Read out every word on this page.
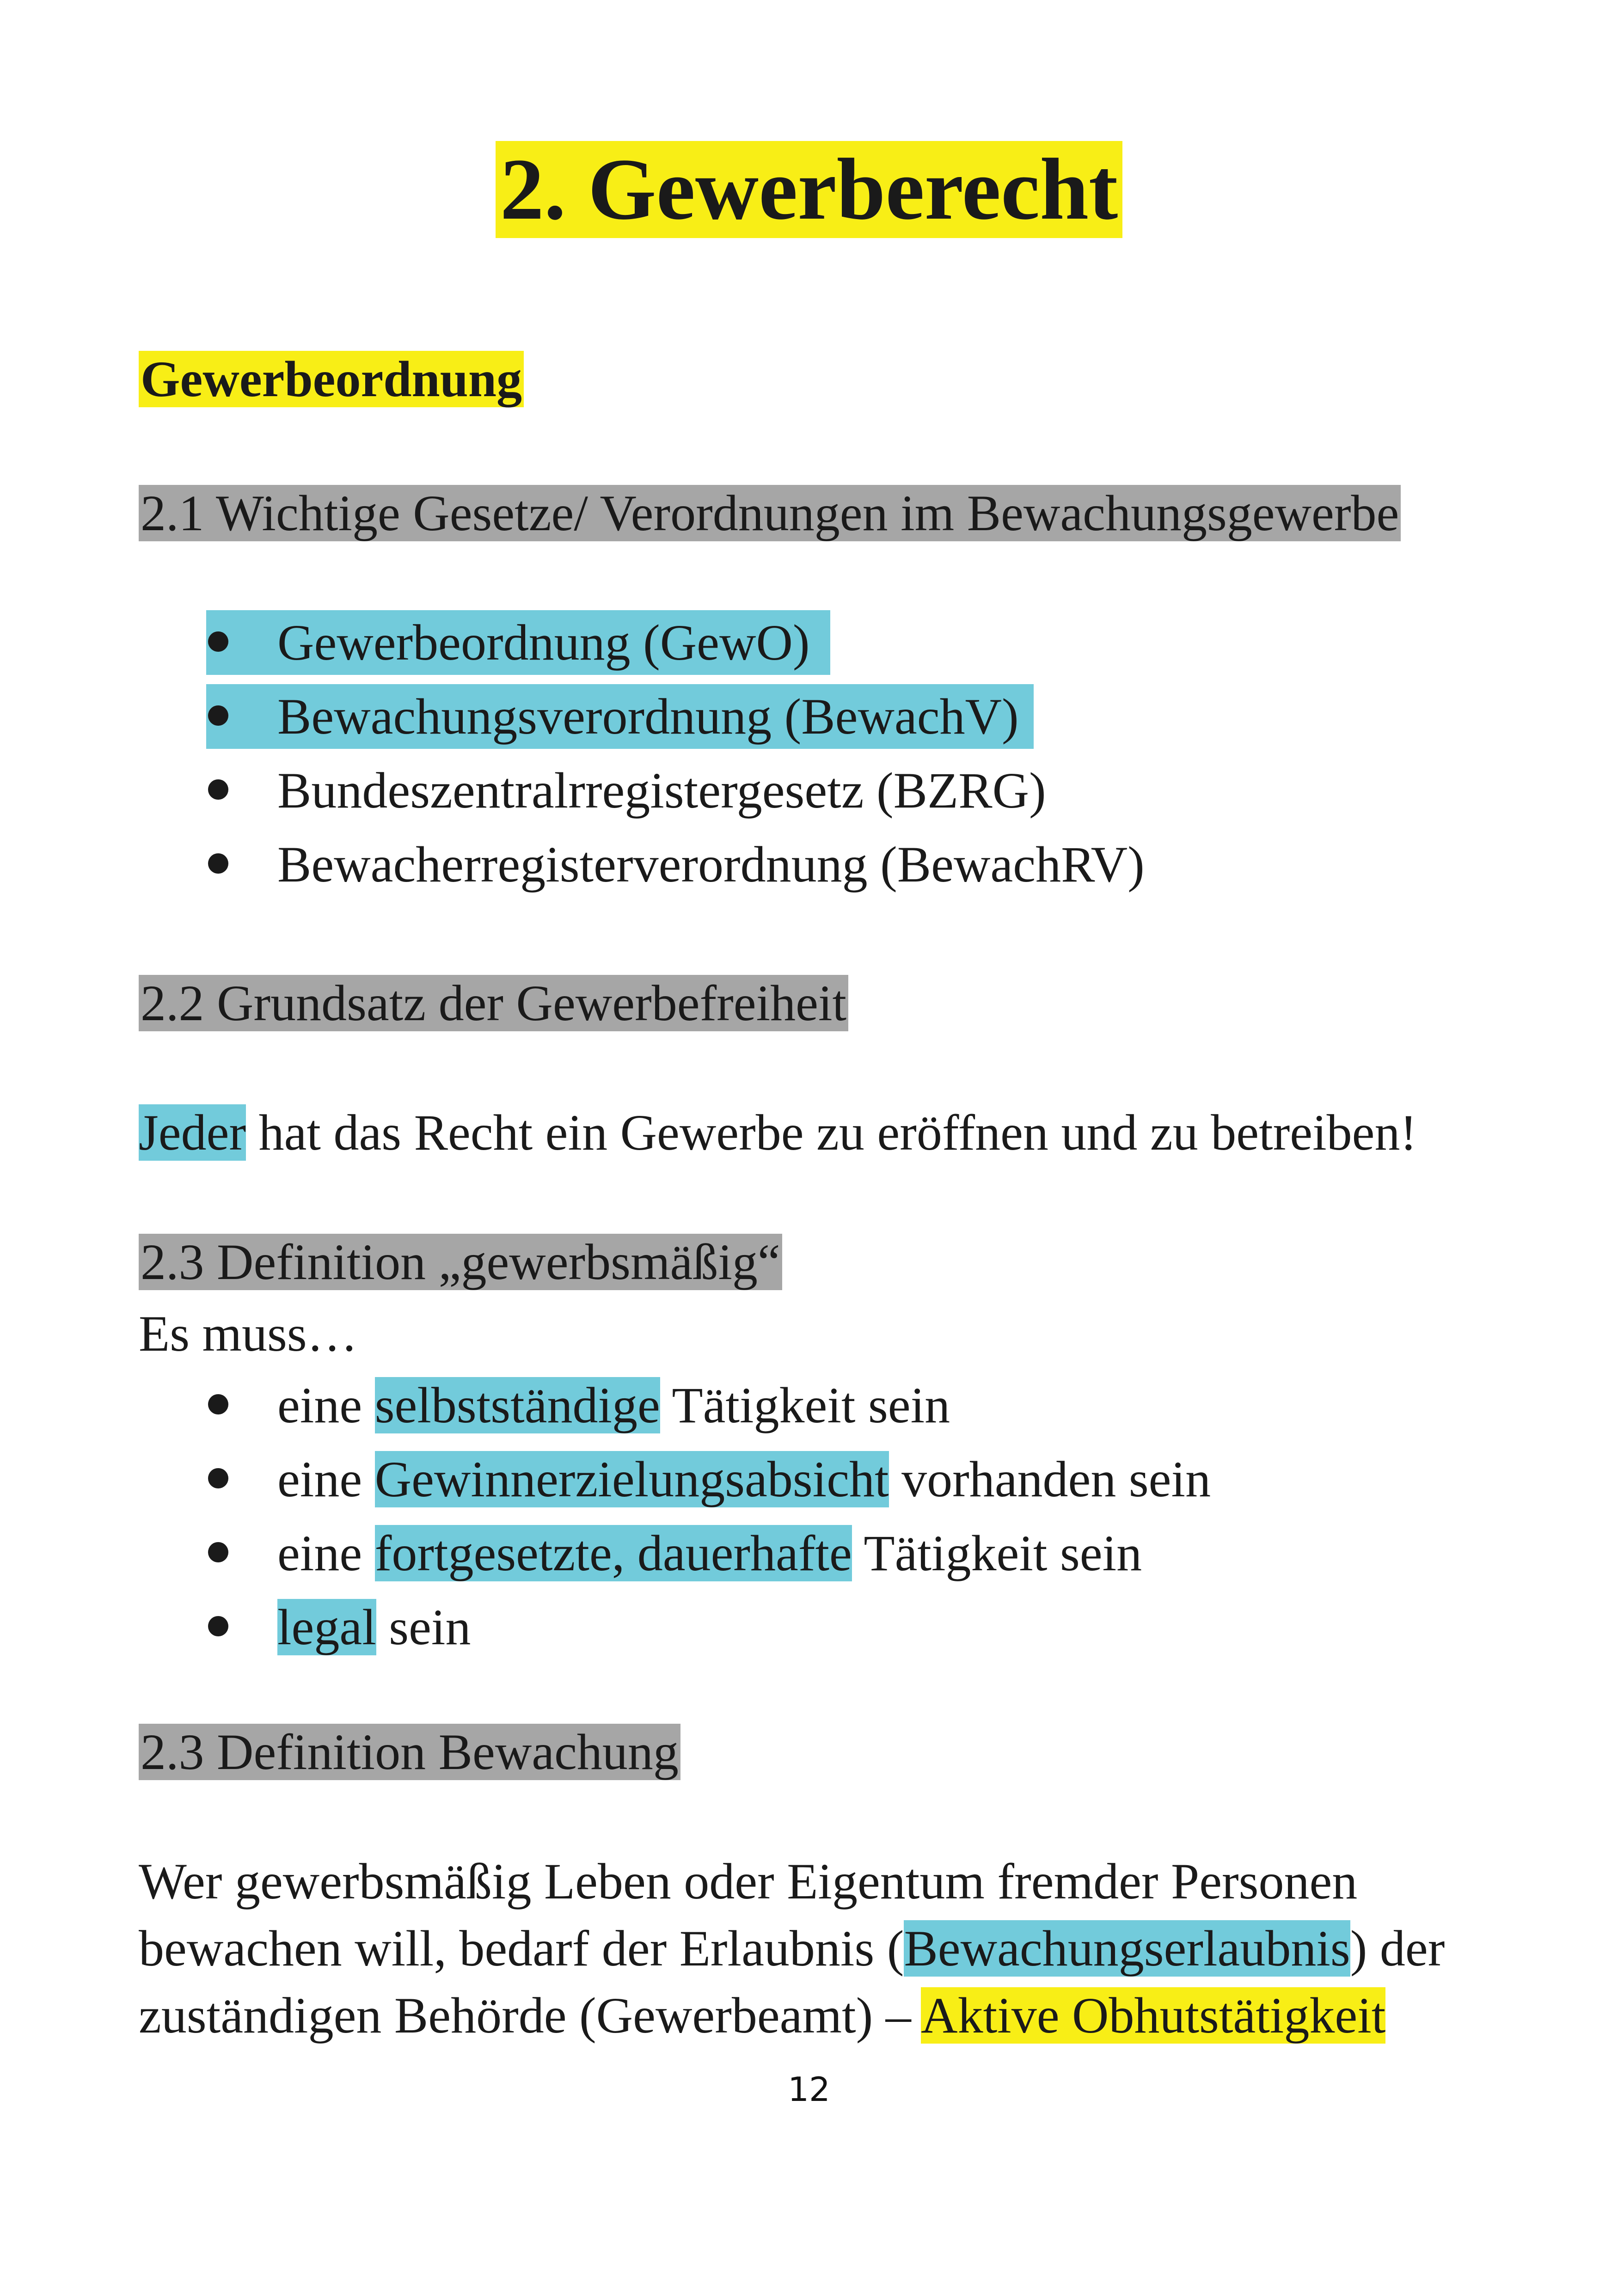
2. Gewerberecht
Gewerbeordnung
2.1 Wichtige Gesetze/ Verordnungen im Bewachungsgewerbe
Gewerbeordnung (GewO)
Bewachungsverordnung (BewachV)
Bundeszentralrregistergesetz (BZRG)
Bewacherregisterverordnung (BewachRV)
2.2 Grundsatz der Gewerbefreiheit
Jeder hat das Recht ein Gewerbe zu eröffnen und zu betreiben!
2.3 Definition „gewerbsmäßig“
Es muss…
eine selbstständige Tätigkeit sein
eine Gewinnerzielungsabsicht vorhanden sein
eine fortgesetzte, dauerhafte Tätigkeit sein
legal sein
2.3 Definition Bewachung
Wer gewerbsmäßig Leben oder Eigentum fremder Personen
bewachen will, bedarf der Erlaubnis (Bewachungserlaubnis) der
zuständigen Behörde (Gewerbeamt) – Aktive Obhutstätigkeit
12
